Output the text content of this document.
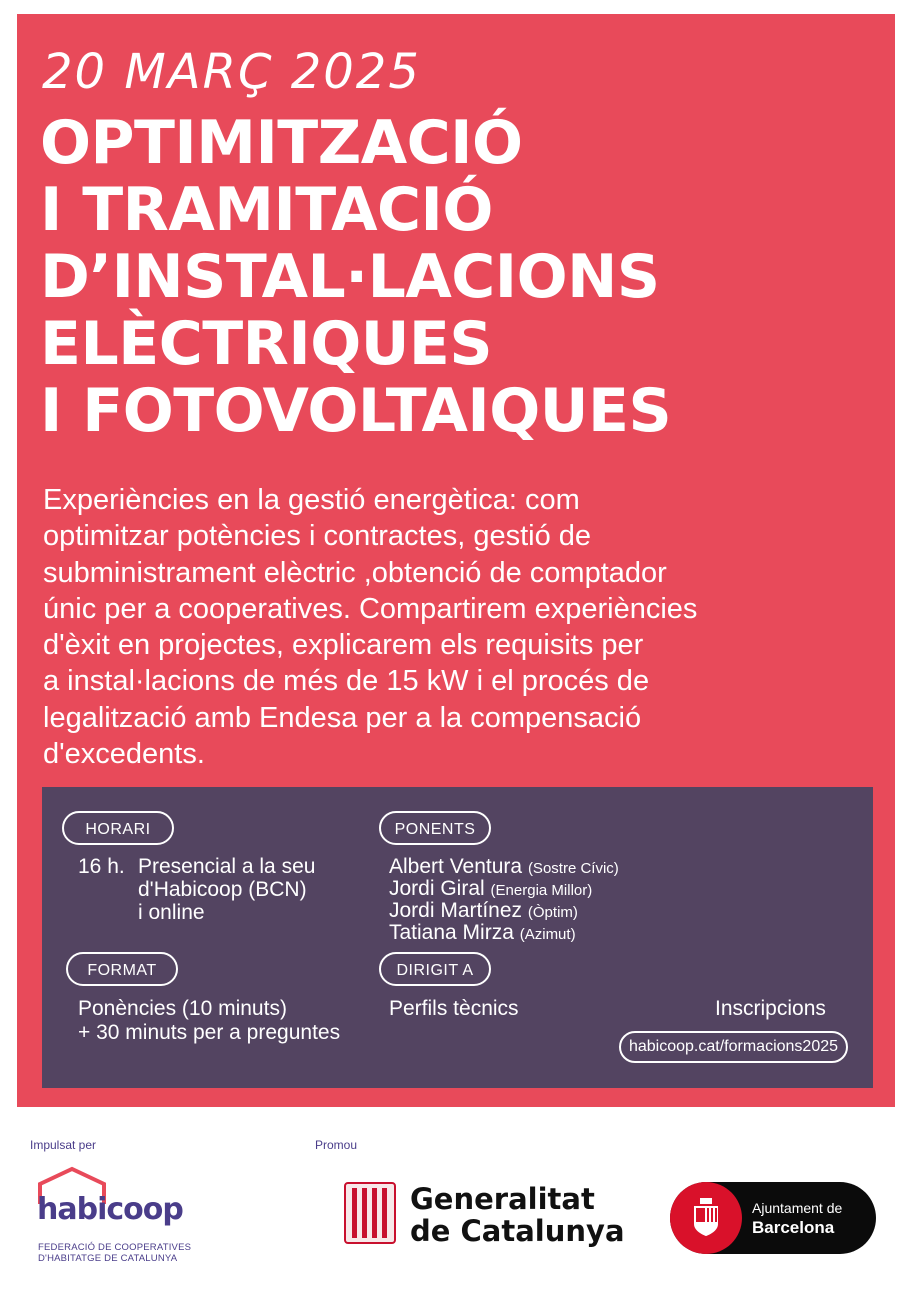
20 MARÇ 2025
OPTIMITZACIÓ
I TRAMITACIÓ
D’INSTAL·LACIONS
ELÈCTRIQUES
I FOTOVOLTAIQUES
Experiències en la gestió energètica: com
optimitzar potències i contractes, gestió de
subministrament elèctric ,obtenció de comptador
únic per a cooperatives. Compartirem experiències
d'èxit en projectes, explicarem els requisits per
a instal·lacions de més de 15 kW i el procés de
legalització amb Endesa per a la compensació
d'excedents.
HORARI
16 h. Presencial a la seu
d'Habicoop (BCN)
i online
PONENTS
Albert Ventura (Sostre Cívic)
Jordi Giral (Energia Millor)
Jordi Martínez (Òptim)
Tatiana Mirza (Azimut)
FORMAT
Ponències (10 minuts)
+ 30 minuts per a preguntes
DIRIGIT A
Perfils tècnics	Inscripcions
habicoop.cat/formacions2025
Impulsat per	Promou
habicoop
FEDERACIÓ DE COOPERATIVES
D'HABITATGE DE CATALUNYA
Generalitat
de Catalunya
Ajuntament de
Barcelona
